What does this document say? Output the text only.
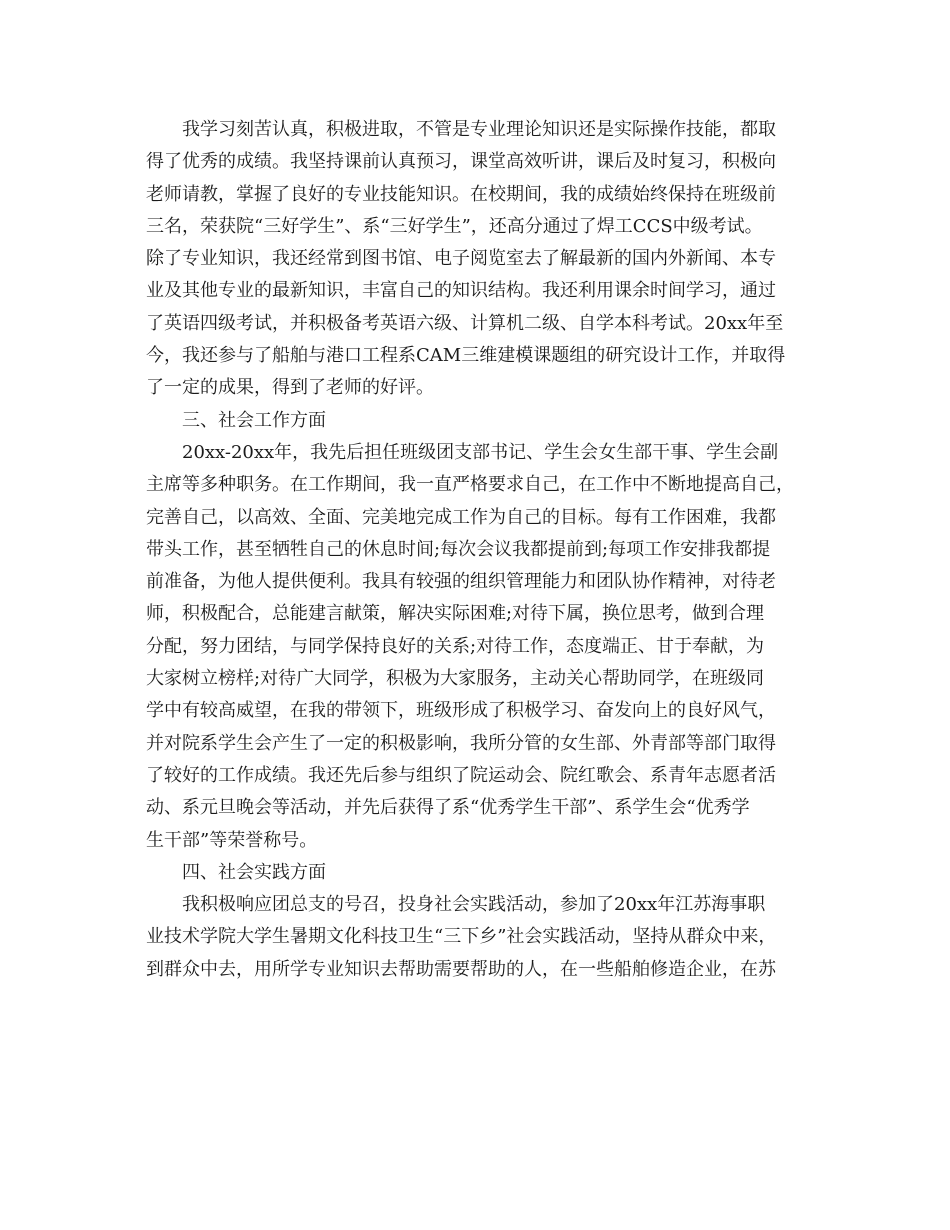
我学习刻苦认真，积极进取，不管是专业理论知识还是实际操作技能，都取
得了优秀的成绩。我坚持课前认真预习，课堂高效听讲，课后及时复习，积极向
老师请教，掌握了良好的专业技能知识。在校期间，我的成绩始终保持在班级前
三名，荣获院“三好学生”、系“三好学生”，还高分通过了焊工CCS中级考试。
除了专业知识，我还经常到图书馆、电子阅览室去了解最新的国内外新闻、本专
业及其他专业的最新知识，丰富自己的知识结构。我还利用课余时间学习，通过
了英语四级考试，并积极备考英语六级、计算机二级、自学本科考试。20xx年至
今，我还参与了船舶与港口工程系CAM三维建模课题组的研究设计工作，并取得
了一定的成果，得到了老师的好评。
三、社会工作方面
20xx-20xx年，我先后担任班级团支部书记、学生会女生部干事、学生会副
主席等多种职务。在工作期间，我一直严格要求自己，在工作中不断地提高自己，
完善自己，以高效、全面、完美地完成工作为自己的目标。每有工作困难，我都
带头工作，甚至牺牲自己的休息时间;每次会议我都提前到;每项工作安排我都提
前准备，为他人提供便利。我具有较强的组织管理能力和团队协作精神，对待老
师，积极配合，总能建言献策，解决实际困难;对待下属，换位思考，做到合理
分配，努力团结，与同学保持良好的关系;对待工作，态度端正、甘于奉献，为
大家树立榜样;对待广大同学，积极为大家服务，主动关心帮助同学，在班级同
学中有较高威望，在我的带领下，班级形成了积极学习、奋发向上的良好风气，
并对院系学生会产生了一定的积极影响，我所分管的女生部、外青部等部门取得
了较好的工作成绩。我还先后参与组织了院运动会、院红歌会、系青年志愿者活
动、系元旦晚会等活动，并先后获得了系“优秀学生干部”、系学生会“优秀学
生干部”等荣誉称号。
四、社会实践方面
我积极响应团总支的号召，投身社会实践活动，参加了20xx年江苏海事职
业技术学院大学生暑期文化科技卫生“三下乡”社会实践活动，坚持从群众中来，
到群众中去，用所学专业知识去帮助需要帮助的人，在一些船舶修造企业，在苏
